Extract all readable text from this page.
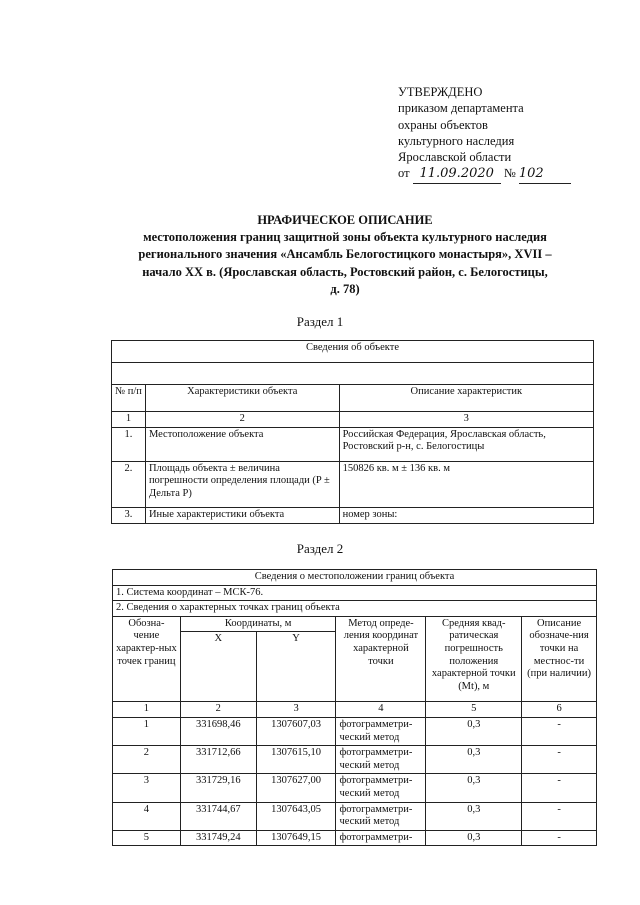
УТВЕРЖДЕНО
приказом департамента
охраны объектов
культурного наследия
Ярославской области
от 11.09.2020 № 102
НРАФИЧЕСКОЕ ОПИСАНИЕ
местоположения границ защитной зоны объекта культурного наследия
регионального значения «Ансамбль Белогостицкого монастыря», XVII –
начало XX в. (Ярославская область, Ростовский район, с. Белогостицы,
д. 78)
Раздел 1
Сведения об объекте		

№ п/п	Характеристики объекта	Описание характеристик
1	2	3
1.	Местоположение объекта	Российская Федерация, Ярославская область, Ростовский р-н, с. Белогостицы
2.	Площадь объекта ± величина погрешности определения площади (P ± Дельта P)	150826 кв. м ± 136 кв. м
3.	Иные характеристики объекта	номер зоны:
Раздел 2
Сведения о местоположении границ объекта					
1. Система координат – МСК-76.					
2. Сведения о характерных точках границ объекта					
Обозна-чение характер-ных точек границ	Координаты, м		Метод опреде-ления координат характерной точки	Средняя квад-ратическая погрешность положения характерной точки (Mt), м	Описание обозначе-ния точки на местнос-ти (при наличии)
	X	Y			
1	2	3	4	5	6
1	331698,46	1307607,03	фотограмметри-ческий метод	0,3	-
2	331712,66	1307615,10	фотограмметри-ческий метод	0,3	-
3	331729,16	1307627,00	фотограмметри-ческий метод	0,3	-
4	331744,67	1307643,05	фотограмметри-ческий метод	0,3	-
5	331749,24	1307649,15	фотограмметри-	0,3	-
